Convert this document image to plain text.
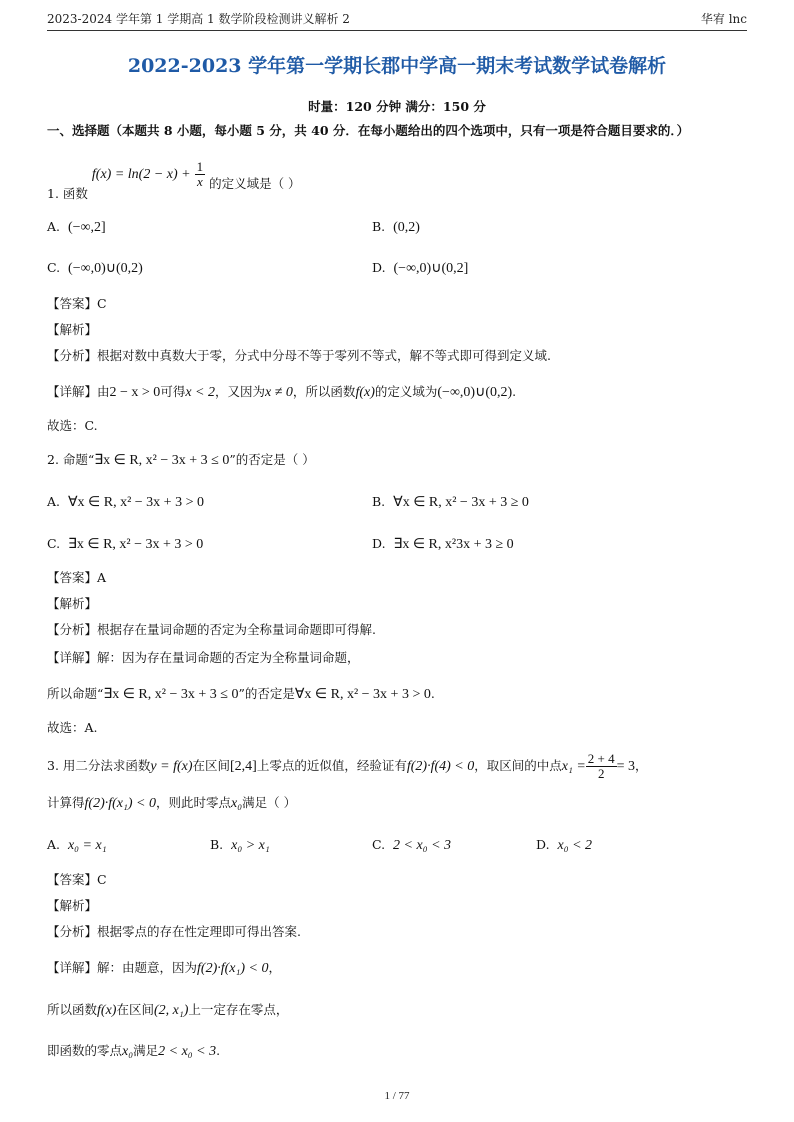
2023-2024 学年第 1 学期高 1 数学阶段检测讲义解析 2	华宥 lnc
2022-2023 学年第一学期长郡中学高一期末考试数学试卷解析
时量：120 分钟 满分：150 分
一、选择题（本题共 8 小题，每小题 5 分，共 40 分．在每小题给出的四个选项中，只有一项是符合题目要求的．）
1. 函数 $f(x) = \ln(2 - x) + \frac{1}{x}$ 的定义域是（ ）
A. (−∞,2]	B. (0,2)
C. (−∞,0)∪(0,2)	D. (−∞,0)∪(0,2]
【答案】C
【解析】
【分析】根据对数中真数大于零，分式中分母不等于零列不等式，解不等式即可得到定义域.
【详解】由2 − x > 0可得x < 2，又因为x ≠ 0，所以函数f(x)的定义域为(−∞,0)∪(0,2).
故选：C.
2. 命题“∃x ∈ R, x² − 3x + 3 ≤ 0”的否定是（ ）
A. ∀x ∈ R, x² − 3x + 3 > 0	B. ∀x ∈ R, x² − 3x + 3 ≥ 0
C. ∃x ∈ R, x² − 3x + 3 > 0	D. ∃x ∈ R, x²3x + 3 ≥ 0
【答案】A
【解析】
【分析】根据存在量词命题的否定为全称量词命题即可得解.
【详解】解：因为存在量词命题的否定为全称量词命题，
所以命题“∃x ∈ R, x² − 3x + 3 ≤ 0”的否定是∀x ∈ R, x² − 3x + 3 > 0.
故选：A.
3. 用二分法求函数y = f(x)在区间[2,4]上零点的近似值，经验证有f(2)·f(4) < 0，取区间的中点$x_1 = \frac{2 + 4}{2} = 3$，
计算得f(2)·f(x₁) < 0，则此时零点x₀满足（ ）
A. x₀ = x₁	B. x₀ > x₁	C. 2 < x₀ < 3	D. x₀ < 2
【答案】C
【解析】
【分析】根据零点的存在性定理即可得出答案.
【详解】解：由题意，因为f(2)·f(x₁) < 0，
所以函数f(x)在区间(2, x₁)上一定存在零点，
即函数的零点x₀满足2 < x₀ < 3.
1 / 77
